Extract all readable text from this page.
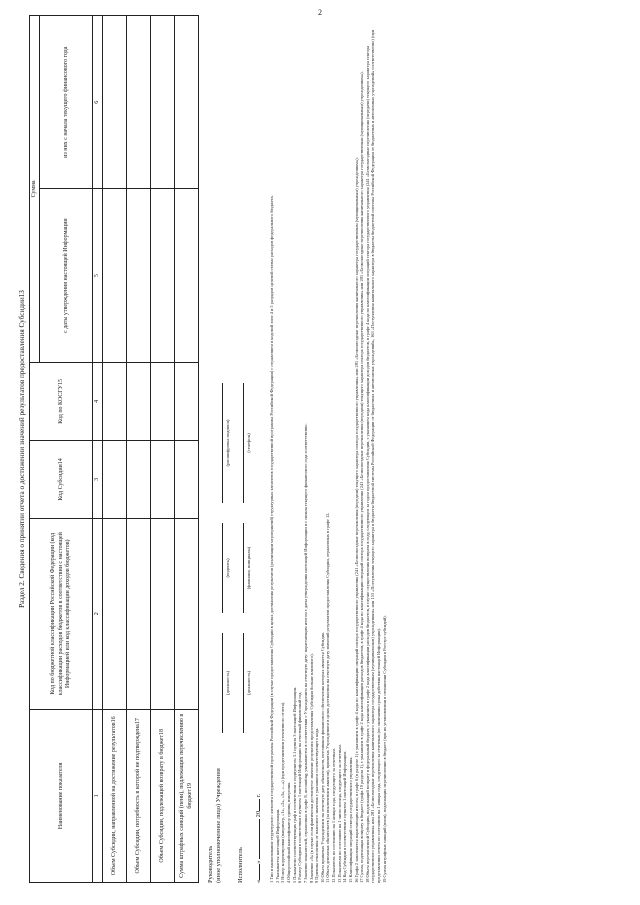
2
Раздел 2. Сведения о принятии отчета о достижении значений результатов предоставления Субсидии13
Наименование показателя	Код по бюджетной классификации Российской Федерации (код классификации расходов бюджетов в соответствии с настоящей Информацией или код классификации доходов бюджетов)	Код Субсидии14	Код по КОСГУ15	Сумма	
				с даты утверждения настоящей Информации	из них с начала текущего финансового года

1	2	3	4	5	6
Объем Субсидии, направленной на достижение результатов16					
Объем Субсидии, потребность в которой не подтверждена17					
Объем Субсидии, подлежащей возврату в бюджет18					
Сумма штрафных санкций (пени), подлежащих перечислению в бюджет19					
Руководитель (иное уполномоченное лицо) Учреждения
(должность)
(подпись)
(расшифровка подписи)
Исполнитель
(должность)
(фамилия, инициалы)
(телефон)
«»  20 г. 1 Тип и наименование структурного элемента государственной программы Российской Федерации (в случае предоставления Субсидии в целях достижения результатов (реализации мероприятий) структурных элементов государственной программы Российской Федерации) с отражением в кодовой зоне 4 и 5 разрядов целевой статьи расходов федерального бюджета. 2 Указывается настоящей Информации. 3 Номер корректировки (например, «1», «2», «3», «...») (при представлении уточненного отчета). 4 Общероссийский классификатор единиц измерения. 5 Показатели соответствующих граф в соответствии с подпунктом 3.1 пункта 3 настоящей Информации. 6 Размер Субсидии в соответствии с пунктом 1 настоящей Информации на отчетный финансовый год. 7 Значение показателей, отраженных в графе 8, accounting; указываются в соответствии с Учреждением на отчетную дату: нарастающим итогом с даты утверждения настоящей Информации и с начала текущего финансового года соответственно. 8 Значение «0» (в случае если фактически достигнутое значение результата предоставления Субсидии больше планового). 9 Причина отклонения от планового значения с указанием соответствующего кода. 10 Объем принятых Учреждением на отчетную дату обязательств, источником финансового обеспечения которых является Субсидия. 11 Объем денежных обязательств (за исключением авансов), принятых Учреждением в целях достижения на отчетную дату значений результатов предоставления Субсидии, отраженных в графе 12. 12 Показатель по состоянию на 1 января года, следующего за отчетным. 13 Показатели по состоянию на 1 число месяца, следующего за отчетным. 14 Код Субсидии в соответствии с пунктом 1 настоящей Информации. 15 Классификация операций сектора государственного управления. 16 Графа 2 заполняется нарастающим итогом, в графе 6 (в разделе 1) с указанием в графе 4 кода по классификации операций сектора государственного управления (241 «Безвозмездные перечисления (передачи) текущего характера сектора государственного управления» или 281 «Безвозмездные перечисления капитального характера государственным (муниципальным) учреждениям»). 17 Сумма, подлежащая возврату в бюджет (графа 19 раздела 1), с указанием в графе 2 кода классификации расходов бюджетов, в графе 4 кода по классификации операций сектора государственного управления (241 «Безвозмездные перечисления (передачи) текущего характера сектора государственного управления» или 281 «Безвозмездные перечисления капитального характера государственным (муниципальным) учреждениям»). 18 Объем перечисленной Субсидии, подлежащий возврату в федеральный бюджет, с указанием в графе 2 кода классификации расходов бюджетов, в случае осуществления возврата в году, следующем за годом предоставления Субсидии, с указанием кода классификации доходов бюджетов, в графе 4 кода по классификации операций сектора государственного управления (241 «Безвозмездные перечисления (передачи) текущего характера сектора государственного управления» или 281 «Безвозмездные перечисления капитального характера государственным (муниципальным) учреждениям» или 153 «Поступления текущего характера в бюджеты бюджетной системы Российской Федерации от бюджетных и автономных учреждений», 163 «Поступления капитального характера в бюджеты бюджетной системы Российской Федерации от бюджетных и автономных учреждений» соответственно) (при представлении отчета по состоянию на 1 января года, следующего за отчетным (по окончании срока действия настоящей Информации). 19 Сумма штрафных санкций (пени), подлежащих перечислению в бюджет (при их установлении в отношении Субсидии в Реестре субсидий).
